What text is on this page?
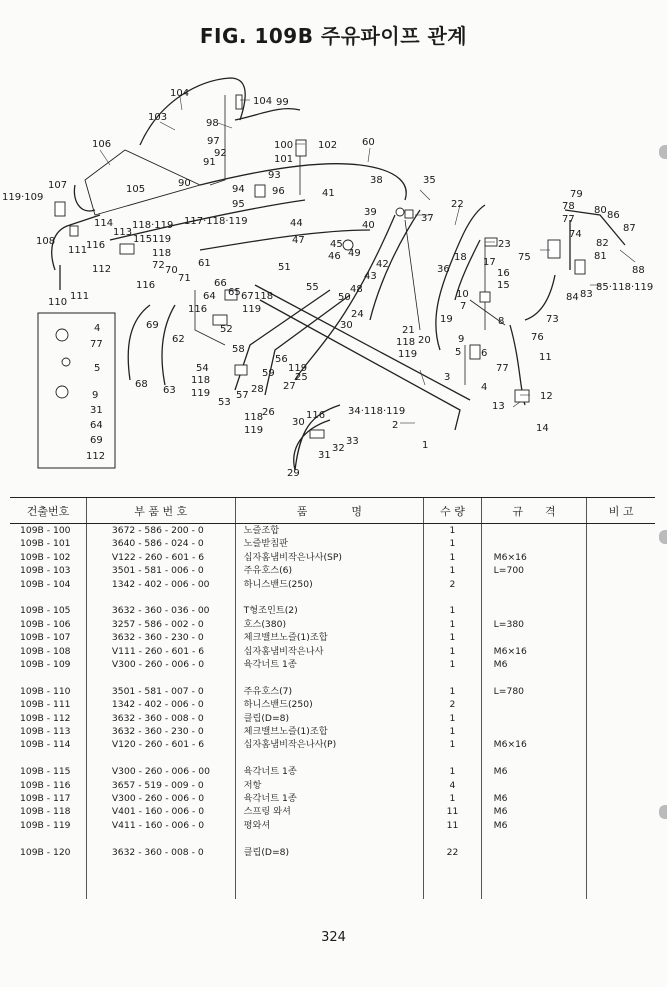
FIG. 109B 주유파이프 관계
104
104 99
103
98
97
92
91
93
100
101
102 60
106
105
90
94
95
96
107
119·109
108
114
113
118·119
115119
118
116
111
112
110
111
117·118·119
41
39
38	35
40
37
22
44
47	45
46 49
43
42
61	51
55
50
48
23
18
36
17
16
15
10
7
72 70
71
116
69
66
65 67 118
64
116	119
52
62
24
30
19
21
8
118 20
119
9
5 6
3
4
56
119
25
59
58
54
118
119
68
63
53
57
28 27
26
118
119
116
30
34·118·119
2
1
33
32
31
29
77
12
13
14
11
76
73
78
77
79
80 86
87
88
74
82
81
75
84 83
85·118·119
4
77
5
9
31
64
69
112
건출번호	부 품 번 호	품　　　　명	수 량	규　　격	비 고
109B - 100	3672 - 586 - 200 - 0	노즐조합	1		
109B - 101	3640 - 586 - 024 - 0	노즐받침판	1		
109B - 102	V122 - 260 - 601 - 6	십자홈냄비작은나사(SP)	1	M6×16	
109B - 103	3501 - 581 - 006 - 0	주유호스(6)	1	L=700	
109B - 104	1342 - 402 - 006 - 00	하니스밴드(250)	2		

109B - 105	3632 - 360 - 036 - 00	T형조인트(2)	1		
109B - 106	3257 - 586 - 002 - 0	호스(380)	1	L=380	
109B - 107	3632 - 360 - 230 - 0	체크밸브노즐(1)조합	1		
109B - 108	V111 - 260 - 601 - 6	십자홈냄비작은나사	1	M6×16	
109B - 109	V300 - 260 - 006 - 0	육각너트 1종	1	M6	

109B - 110	3501 - 581 - 007 - 0	주유호스(7)	1	L=780	
109B - 111	1342 - 402 - 006 - 0	하니스밴드(250)	2		
109B - 112	3632 - 360 - 008 - 0	클립(D=8)	1		
109B - 113	3632 - 360 - 230 - 0	체크밸브노즐(1)조합	1		
109B - 114	V120 - 260 - 601 - 6	십자홈냄비작은나사(P)	1	M6×16	

109B - 115	V300 - 260 - 006 - 00	육각너트 1종	1	M6	
109B - 116	3657 - 519 - 009 - 0	저항	4		
109B - 117	V300 - 260 - 006 - 0	육각너트 1종	1	M6	
109B - 118	V401 - 160 - 006 - 0	스프링 와셔	11	M6	
109B - 119	V411 - 160 - 006 - 0	평와셔	11	M6	

109B - 120	3632 - 360 - 008 - 0	클립(D=8)	22		

324
